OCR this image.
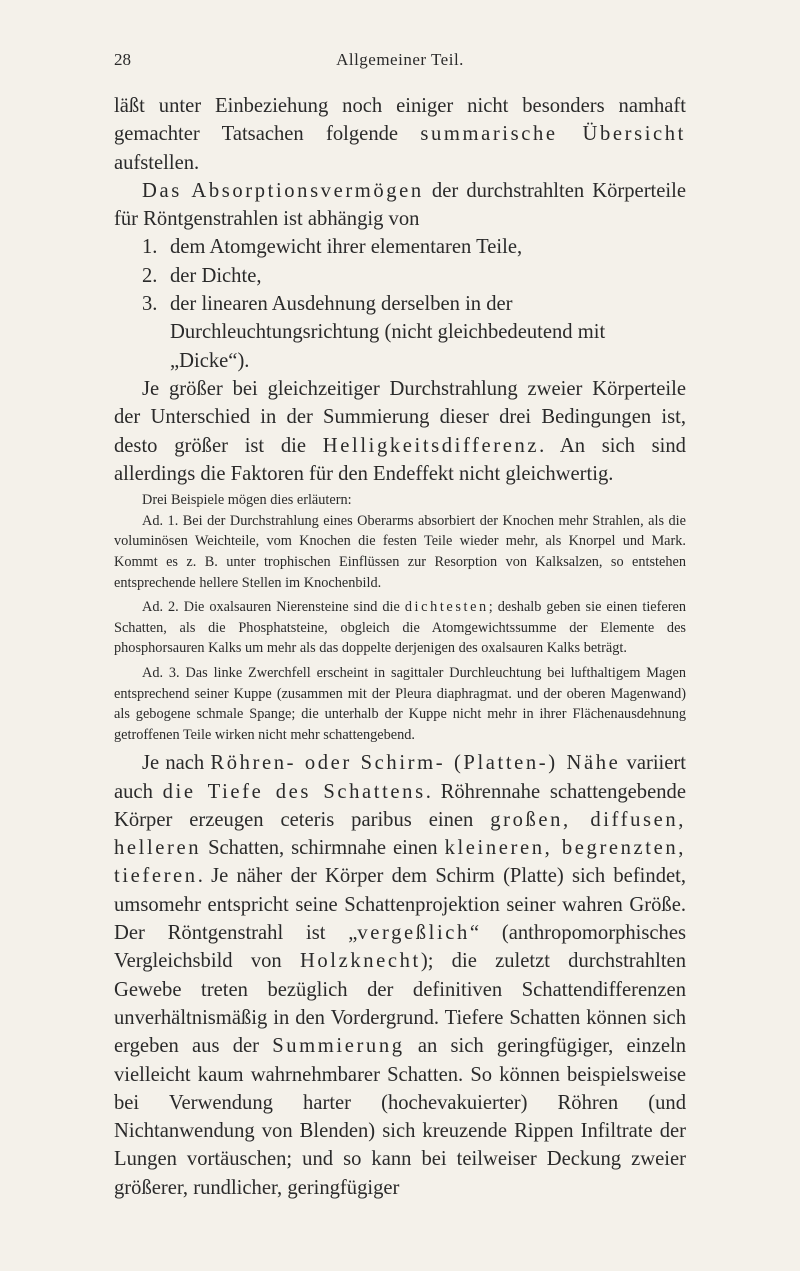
28	Allgemeiner Teil.

läßt unter Einbeziehung noch einiger nicht besonders namhaft gemachter Tatsachen folgende summarische Übersicht aufstellen.

Das Absorptionsvermögen der durchstrahlten Körperteile für Röntgenstrahlen ist abhängig von

1. dem Atomgewicht ihrer elementaren Teile,
2. der Dichte,
3. der linearen Ausdehnung derselben in der Durchleuchtungsrichtung (nicht gleichbedeutend mit „Dicke“).

Je größer bei gleichzeitiger Durchstrahlung zweier Körperteile der Unterschied in der Summierung dieser drei Bedingungen ist, desto größer ist die Helligkeitsdifferenz. An sich sind allerdings die Faktoren für den Endeffekt nicht gleichwertig.

Drei Beispiele mögen dies erläutern:

Ad. 1. Bei der Durchstrahlung eines Oberarms absorbiert der Knochen mehr Strahlen, als die voluminösen Weichteile, vom Knochen die festen Teile wieder mehr, als Knorpel und Mark. Kommt es z. B. unter trophischen Einflüssen zur Resorption von Kalksalzen, so entstehen entsprechende hellere Stellen im Knochenbild.

Ad. 2. Die oxalsauren Nierensteine sind die dichtesten; deshalb geben sie einen tieferen Schatten, als die Phosphatsteine, obgleich die Atomgewichtssumme der Elemente des phosphorsauren Kalks um mehr als das doppelte derjenigen des oxalsauren Kalks beträgt.

Ad. 3. Das linke Zwerchfell erscheint in sagittaler Durchleuchtung bei lufthaltigem Magen entsprechend seiner Kuppe (zusammen mit der Pleura diaphragmat. und der oberen Magenwand) als gebogene schmale Spange; die unterhalb der Kuppe nicht mehr in ihrer Flächenausdehnung getroffenen Teile wirken nicht mehr schattengebend.

Je nach Röhren- oder Schirm- (Platten-) Nähe variiert auch die Tiefe des Schattens. Röhrennahe schattengebende Körper erzeugen ceteris paribus einen großen, diffusen, helleren Schatten, schirmnahe einen kleineren, begrenzten, tieferen. Je näher der Körper dem Schirm (Platte) sich befindet, umsomehr entspricht seine Schattenprojektion seiner wahren Größe. Der Röntgenstrahl ist „vergeßlich“ (anthropomorphisches Vergleichsbild von Holzknecht); die zuletzt durchstrahlten Gewebe treten bezüglich der definitiven Schattendifferenzen unverhältnismäßig in den Vordergrund. Tiefere Schatten können sich ergeben aus der Summierung an sich geringfügiger, einzeln vielleicht kaum wahrnehmbarer Schatten. So können beispielsweise bei Verwendung harter (hochevakuierter) Röhren (und Nichtanwendung von Blenden) sich kreuzende Rippen Infiltrate der Lungen vortäuschen; und so kann bei teilweiser Deckung zweier größerer, rundlicher, geringfügiger
